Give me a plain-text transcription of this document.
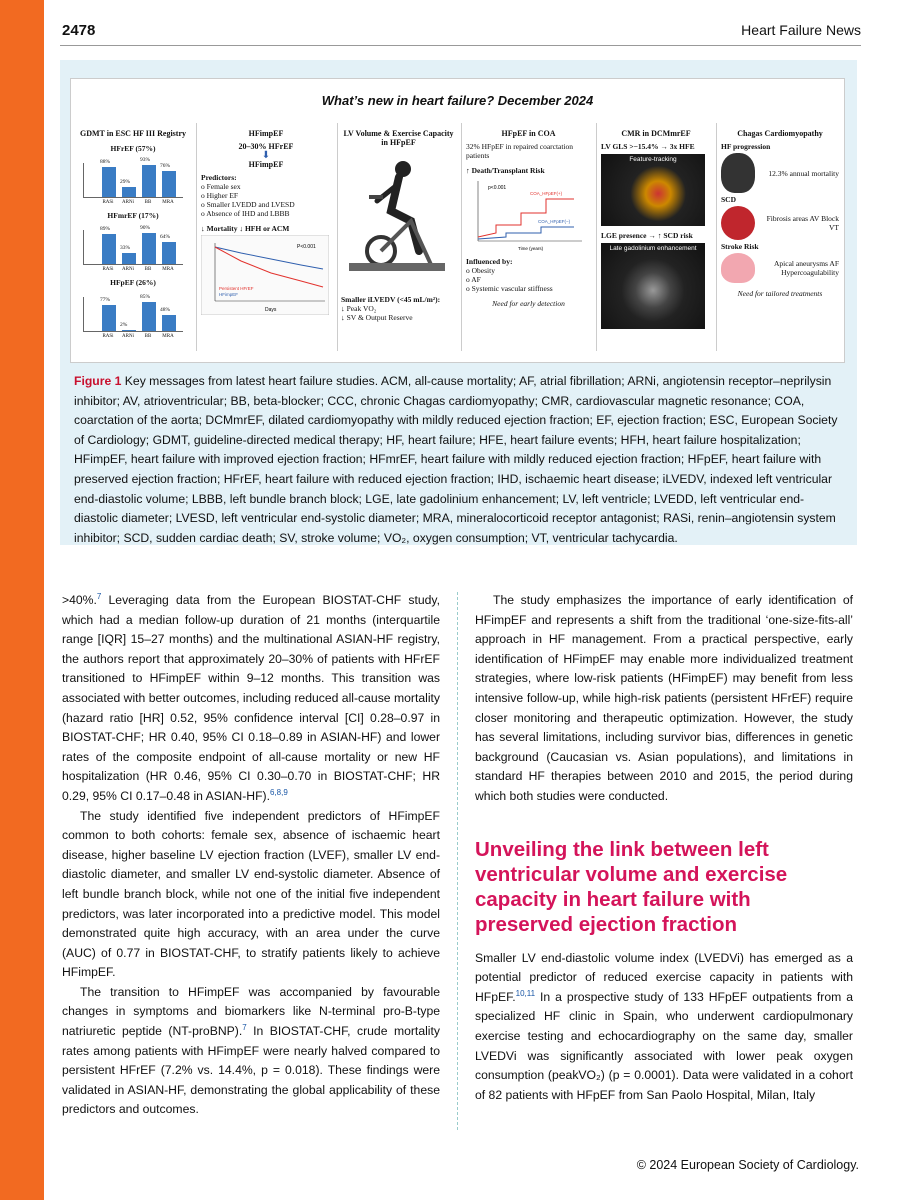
2478	Heart Failure News
What’s new in heart failure? December 2024
GDMT in ESC HF III Registry
HFrEF (57%)
88%
29%
93%
76%
RASi ARNi	BB	MRA
HFmrEF (17%)
89%
33%
90%
64%
RASi ARNi	BB	MRA
HFpEF (26%)
77%
2%
85%
48%
RASi ARNi	BB	MRA
HFimpEF
20–30% HFrEF
⬇
HFimpEF
Predictors:
o Female sex
o Higher EF
o Smaller LVEDD and LVESD
o Absence of IHD and LBBB
↓ Mortality ↓ HFH or ACM
P<0.001
Days
Persistent HFrEF
HFimpEF
LV Volume & Exercise Capacity in HFpEF
Smaller iLVEDV (<45 mL/m²):
↓ Peak VO₂
↓ SV & Output Reserve
HFpEF in COA
32% HFpEF in repaired coarctation patients
↑ Death/Transplant Risk
p<0.001
COA_HFpEF(+)
COA_HFpEF(−)
Time (years)
Influenced by:
o Obesity
o AF
o Systemic vascular stiffness
Need for early detection
CMR in DCMmrEF
LV GLS >−15.4% → 3x HFE
Feature-tracking
LGE presence → ↑ SCD risk
Late gadolinium enhancement
Chagas Cardiomyopathy
HF progression
12.3% annual mortality
SCD
Fibrosis areas AV Block VT
Stroke Risk
Apical aneurysms AF Hypercoagulability
Need for tailored treatments
Figure 1 Key messages from latest heart failure studies. ACM, all-cause mortality; AF, atrial fibrillation; ARNi, angiotensin receptor–neprilysin inhibitor; AV, atrioventricular; BB, beta-blocker; CCC, chronic Chagas cardiomyopathy; CMR, cardiovascular magnetic resonance; COA, coarctation of the aorta; DCMmrEF, dilated cardiomyopathy with mildly reduced ejection fraction; EF, ejection fraction; ESC, European Society of Cardiology; GDMT, guideline-directed medical therapy; HF, heart failure; HFE, heart failure events; HFH, heart failure hospitalization; HFimpEF, heart failure with improved ejection fraction; HFmrEF, heart failure with mildly reduced ejection fraction; HFpEF, heart failure with preserved ejection fraction; HFrEF, heart failure with reduced ejection fraction; IHD, ischaemic heart disease; iLVEDV, indexed left ventricular end-diastolic volume; LBBB, left bundle branch block; LGE, late gadolinium enhancement; LV, left ventricle; LVEDD, left ventricular end-diastolic diameter; LVESD, left ventricular end-systolic diameter; MRA, mineralocorticoid receptor antagonist; RASi, renin–angiotensin system inhibitor; SCD, sudden cardiac death; SV, stroke volume; VO₂, oxygen consumption; VT, ventricular tachycardia.

>40%.$^7$ Leveraging data from the European BIOSTAT-CHF study, which had a median follow-up duration of 21 months (interquartile range [IQR] 15–27 months) and the multinational ASIAN-HF registry, the authors report that approximately 20–30% of patients with HFrEF transitioned to HFimpEF within 9–12 months. This transition was associated with better outcomes, including reduced all-cause mortality (hazard ratio [HR] 0.52, 95% confidence interval [CI] 0.28–0.97 in BIOSTAT-CHF; HR 0.40, 95% CI 0.18–0.89 in ASIAN-HF) and lower rates of the composite endpoint of all-cause mortality or new HF hospitalization (HR 0.46, 95% CI 0.30–0.70 in BIOSTAT-CHF; HR 0.29, 95% CI 0.17–0.48 in ASIAN-HF).$^{6,8,9}$

The study identified five independent predictors of HFimpEF common to both cohorts: female sex, absence of ischaemic heart disease, higher baseline LV ejection fraction (LVEF), smaller LV end-diastolic diameter, and smaller LV end-systolic diameter. Absence of left bundle branch block, while not one of the initial five independent predictors, was later incorporated into a predictive model. This model demonstrated quite high accuracy, with an area under the curve (AUC) of 0.77 in BIOSTAT-CHF, to stratify patients likely to achieve HFimpEF.

The transition to HFimpEF was accompanied by favourable changes in symptoms and biomarkers like N-terminal pro-B-type natriuretic peptide (NT-proBNP).$^7$ In BIOSTAT-CHF, crude mortality rates among patients with HFimpEF were nearly halved compared to persistent HFrEF (7.2% vs. 14.4%, p = 0.018). These findings were validated in ASIAN-HF, demonstrating the global applicability of these predictors and outcomes.

The study emphasizes the importance of early identification of HFimpEF and represents a shift from the traditional ‘one-size-fits-all’ approach in HF management. From a practical perspective, early identification of HFimpEF may enable more individualized treatment strategies, where low-risk patients (HFimpEF) may benefit from less intensive follow-up, while high-risk patients (persistent HFrEF) require closer monitoring and therapeutic optimization. However, the study has several limitations, including survivor bias, differences in genetic background (Caucasian vs. Asian populations), and limitations in standard HF therapies between 2010 and 2015, the period during which both studies were conducted.

Unveiling the link between left ventricular volume and exercise capacity in heart failure with preserved ejection fraction

Smaller LV end-diastolic volume index (LVEDVi) has emerged as a potential predictor of reduced exercise capacity in patients with HFpEF.$^{10,11}$ In a prospective study of 133 HFpEF outpatients from a specialized HF clinic in Spain, who underwent cardiopulmonary exercise testing and echocardiography on the same day, smaller LVEDVi was significantly associated with lower peak oxygen consumption (peakVO₂) (p = 0.0001). Data were validated in a cohort of 82 patients with HFpEF from San Paolo Hospital, Milan, Italy

© 2024 European Society of Cardiology.
